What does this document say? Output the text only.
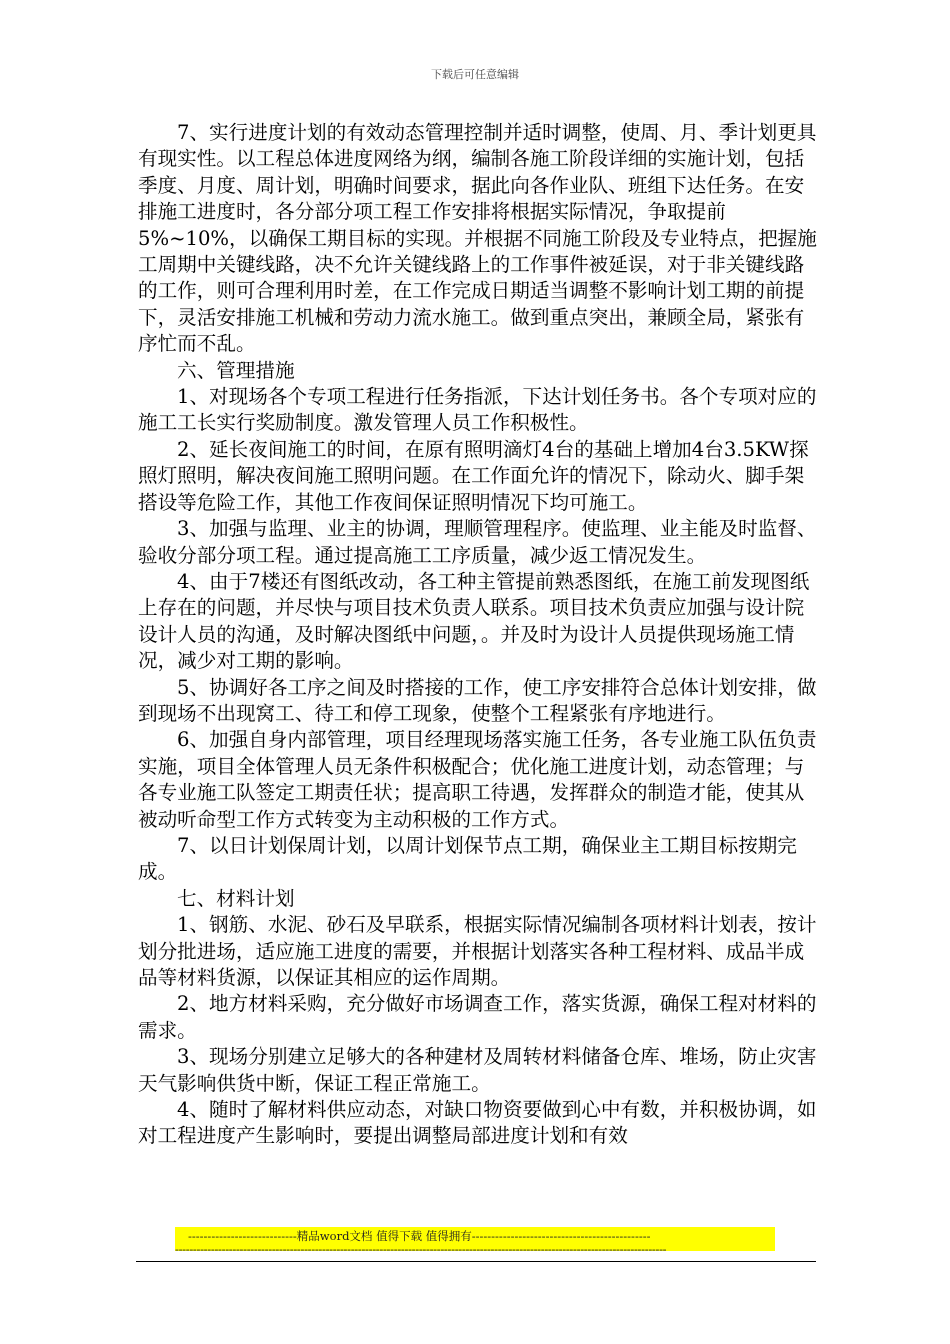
下载后可任意编辑

7、实行进度计划的有效动态管理控制并适时调整，使周、月、季计划更具有现实性。以工程总体进度网络为纲，编制各施工阶段详细的实施计划，包括季度、月度、周计划，明确时间要求，据此向各作业队、班组下达任务。在安排施工进度时，各分部分项工程工作安排将根据实际情况，争取提前5%~10%，以确保工期目标的实现。并根据不同施工阶段及专业特点，把握施工周期中关键线路，决不允许关键线路上的工作事件被延误，对于非关键线路的工作，则可合理利用时差，在工作完成日期适当调整不影响计划工期的前提下，灵活安排施工机械和劳动力流水施工。做到重点突出，兼顾全局，紧张有序忙而不乱。

六、管理措施

1、对现场各个专项工程进行任务指派，下达计划任务书。各个专项对应的施工工长实行奖励制度。激发管理人员工作积极性。

2、延长夜间施工的时间，在原有照明滴灯4台的基础上增加4台3.5KW探照灯照明，解决夜间施工照明问题。在工作面允许的情况下，除动火、脚手架搭设等危险工作，其他工作夜间保证照明情况下均可施工。

3、加强与监理、业主的协调，理顺管理程序。使监理、业主能及时监督、验收分部分项工程。通过提高施工工序质量，减少返工情况发生。

4、由于7楼还有图纸改动，各工种主管提前熟悉图纸，在施工前发现图纸上存在的问题，并尽快与项目技术负责人联系。项目技术负责应加强与设计院设计人员的沟通，及时解决图纸中问题，。并及时为设计人员提供现场施工情况，减少对工期的影响。

5、协调好各工序之间及时搭接的工作，使工序安排符合总体计划安排，做到现场不出现窝工、待工和停工现象，使整个工程紧张有序地进行。

6、加强自身内部管理，项目经理现场落实施工任务，各专业施工队伍负责实施，项目全体管理人员无条件积极配合；优化施工进度计划，动态管理；与各专业施工队签定工期责任状；提高职工待遇，发挥群众的制造才能，使其从被动听命型工作方式转变为主动积极的工作方式。

7、以日计划保周计划，以周计划保节点工期，确保业主工期目标按期完成。

七、材料计划

1、钢筋、水泥、砂石及早联系，根据实际情况编制各项材料计划表，按计划分批进场，适应施工进度的需要，并根据计划落实各种工程材料、成品半成品等材料货源，以保证其相应的运作周期。

2、地方材料采购，充分做好市场调查工作，落实货源，确保工程对材料的需求。

3、现场分别建立足够大的各种建材及周转材料储备仓库、堆场，防止灾害天气影响供货中断，保证工程正常施工。

4、随时了解材料供应动态，对缺口物资要做到心中有数，并积极协调，如对工程进度产生影响时，要提出调整局部进度计划和有效

----------------------------精品word文档 值得下载 值得拥有----------------------------------------------
-----------------------------------------------------------------------------------------------------------------------------------------
